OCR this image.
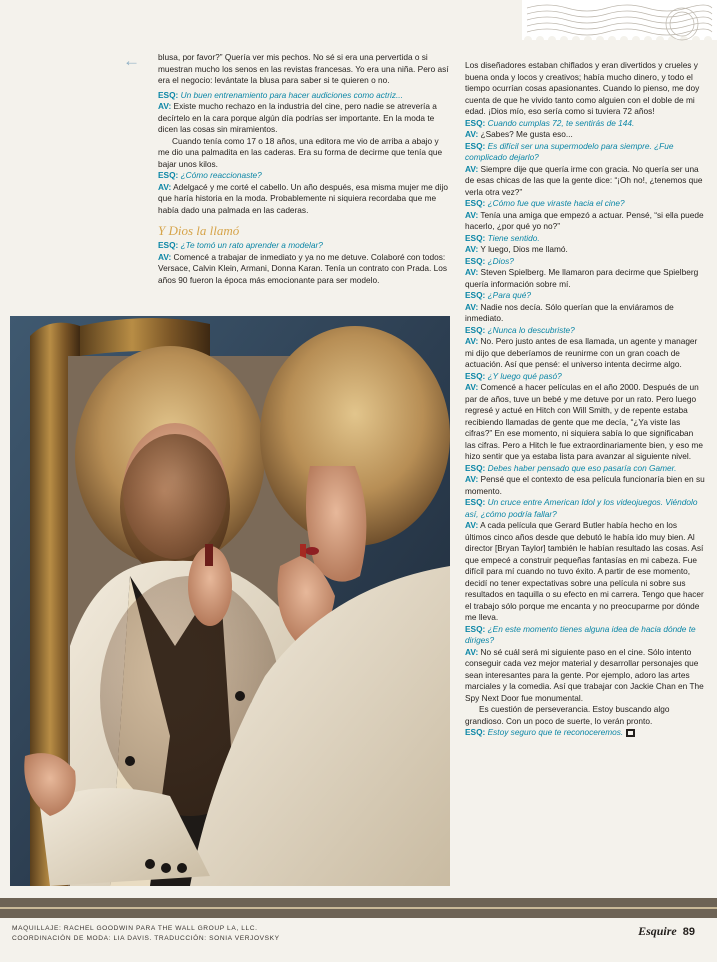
← blusa, por favor?” Quería ver mis pechos. No sé si era una pervertida o si muestran mucho los senos en las revistas francesas. Yo era una niña. Pero así era el negocio: levántate la blusa para saber si te quieren o no.

ESQ: Un buen entrenamiento para hacer audiciones como actriz...

AV: Existe mucho rechazo en la industria del cine, pero nadie se atrevería a decírtelo en la cara porque algún día podrías ser importante. En la moda te dicen las cosas sin miramientos.

Cuando tenía como 17 o 18 años, una editora me vio de arriba a abajo y me dio una palmadita en las caderas. Era su forma de decirme que tenía que bajar unos kilos.

ESQ: ¿Cómo reaccionaste?

AV: Adelgacé y me corté el cabello. Un año después, esa misma mujer me dijo que haría historia en la moda. Probablemente ni siquiera recordaba que me había dado una palmada en las caderas.

Y Dios la llamó

ESQ: ¿Te tomó un rato aprender a modelar?

AV: Comencé a trabajar de inmediato y ya no me detuve. Colaboré con todos: Versace, Calvin Klein, Armani, Donna Karan. Tenía un contrato con Prada. Los años 90 fueron la época más emocionante para ser modelo.

Los diseñadores estaban chiflados y eran divertidos y crueles y buena onda y locos y creativos; había mucho dinero, y todo el tiempo ocurrían cosas apasionantes. Cuando lo pienso, me doy cuenta de que he vivido tanto como alguien con el doble de mi edad. ¡Dios mío, eso sería como si tuviera 72 años!

ESQ: Cuando cumplas 72, te sentirás de 144.

AV: ¿Sabes? Me gusta eso...

ESQ: Es difícil ser una supermodelo para siempre. ¿Fue complicado dejarlo?

AV: Siempre dije que quería irme con gracia. No quería ser una de esas chicas de las que la gente dice: “¡Oh no!, ¿tenemos que verla otra vez?”

ESQ: ¿Cómo fue que viraste hacia el cine?

AV: Tenía una amiga que empezó a actuar. Pensé, “si ella puede hacerlo, ¿por qué yo no?”

ESQ: Tiene sentido.

AV: Y luego, Dios me llamó.

ESQ: ¿Dios?

AV: Steven Spielberg. Me llamaron para decirme que Spielberg quería información sobre mí.

ESQ: ¿Para qué?

AV: Nadie nos decía. Sólo querían que la enviáramos de inmediato.

ESQ: ¿Nunca lo descubriste?

AV: No. Pero justo antes de esa llamada, un agente y manager mi dijo que deberíamos de reunirme con un gran coach de actuación. Así que pensé: el universo intenta decirme algo.

ESQ: ¿Y luego qué pasó?

AV: Comencé a hacer películas en el año 2000. Después de un par de años, tuve un bebé y me detuve por un rato. Pero luego regresé y actué en Hitch con Will Smith, y de repente estaba recibiendo llamadas de gente que me decía, “¿Ya viste las cifras?” En ese momento, ni siquiera sabía lo que significaban las cifras. Pero a Hitch le fue extraordinariamente bien, y eso me hizo sentir que ya estaba lista para avanzar al siguiente nivel.

ESQ: Debes haber pensado que eso pasaría con Gamer.

AV: Pensé que el contexto de esa película funcionaría bien en su momento.

ESQ: Un cruce entre American Idol y los videojuegos. Viéndolo así, ¿cómo podría fallar?

AV: A cada película que Gerard Butler había hecho en los últimos cinco años desde que debutó le había ido muy bien. Al director [Bryan Taylor] también le habían resultado las cosas. Así que empecé a construir pequeñas fantasías en mi cabeza. Fue difícil para mí cuando no tuvo éxito. A partir de ese momento, decidí no tener expectativas sobre una película ni sobre sus resultados en taquilla o su efecto en mi carrera. Tengo que hacer el trabajo sólo porque me encanta y no preocuparme por dónde me lleva.

ESQ: ¿En este momento tienes alguna idea de hacia dónde te diriges?

AV: No sé cuál será mi siguiente paso en el cine. Sólo intento conseguir cada vez mejor material y desarrollar personajes que sean interesantes para la gente. Por ejemplo, adoro las artes marciales y la comedia. Así que trabajar con Jackie Chan en The Spy Next Door fue monumental.

Es cuestión de perseverancia. Estoy buscando algo grandioso. Con un poco de suerte, lo verán pronto.

ESQ: Estoy seguro que te reconoceremos.

MAQUILLAJE: RACHEL GOODWIN PARA THE WALL GROUP LA, LLC.
COORDINACIÓN DE MODA: LIA DAVIS. TRADUCCIÓN: SONIA VERJOVSKY
Esquire 89
